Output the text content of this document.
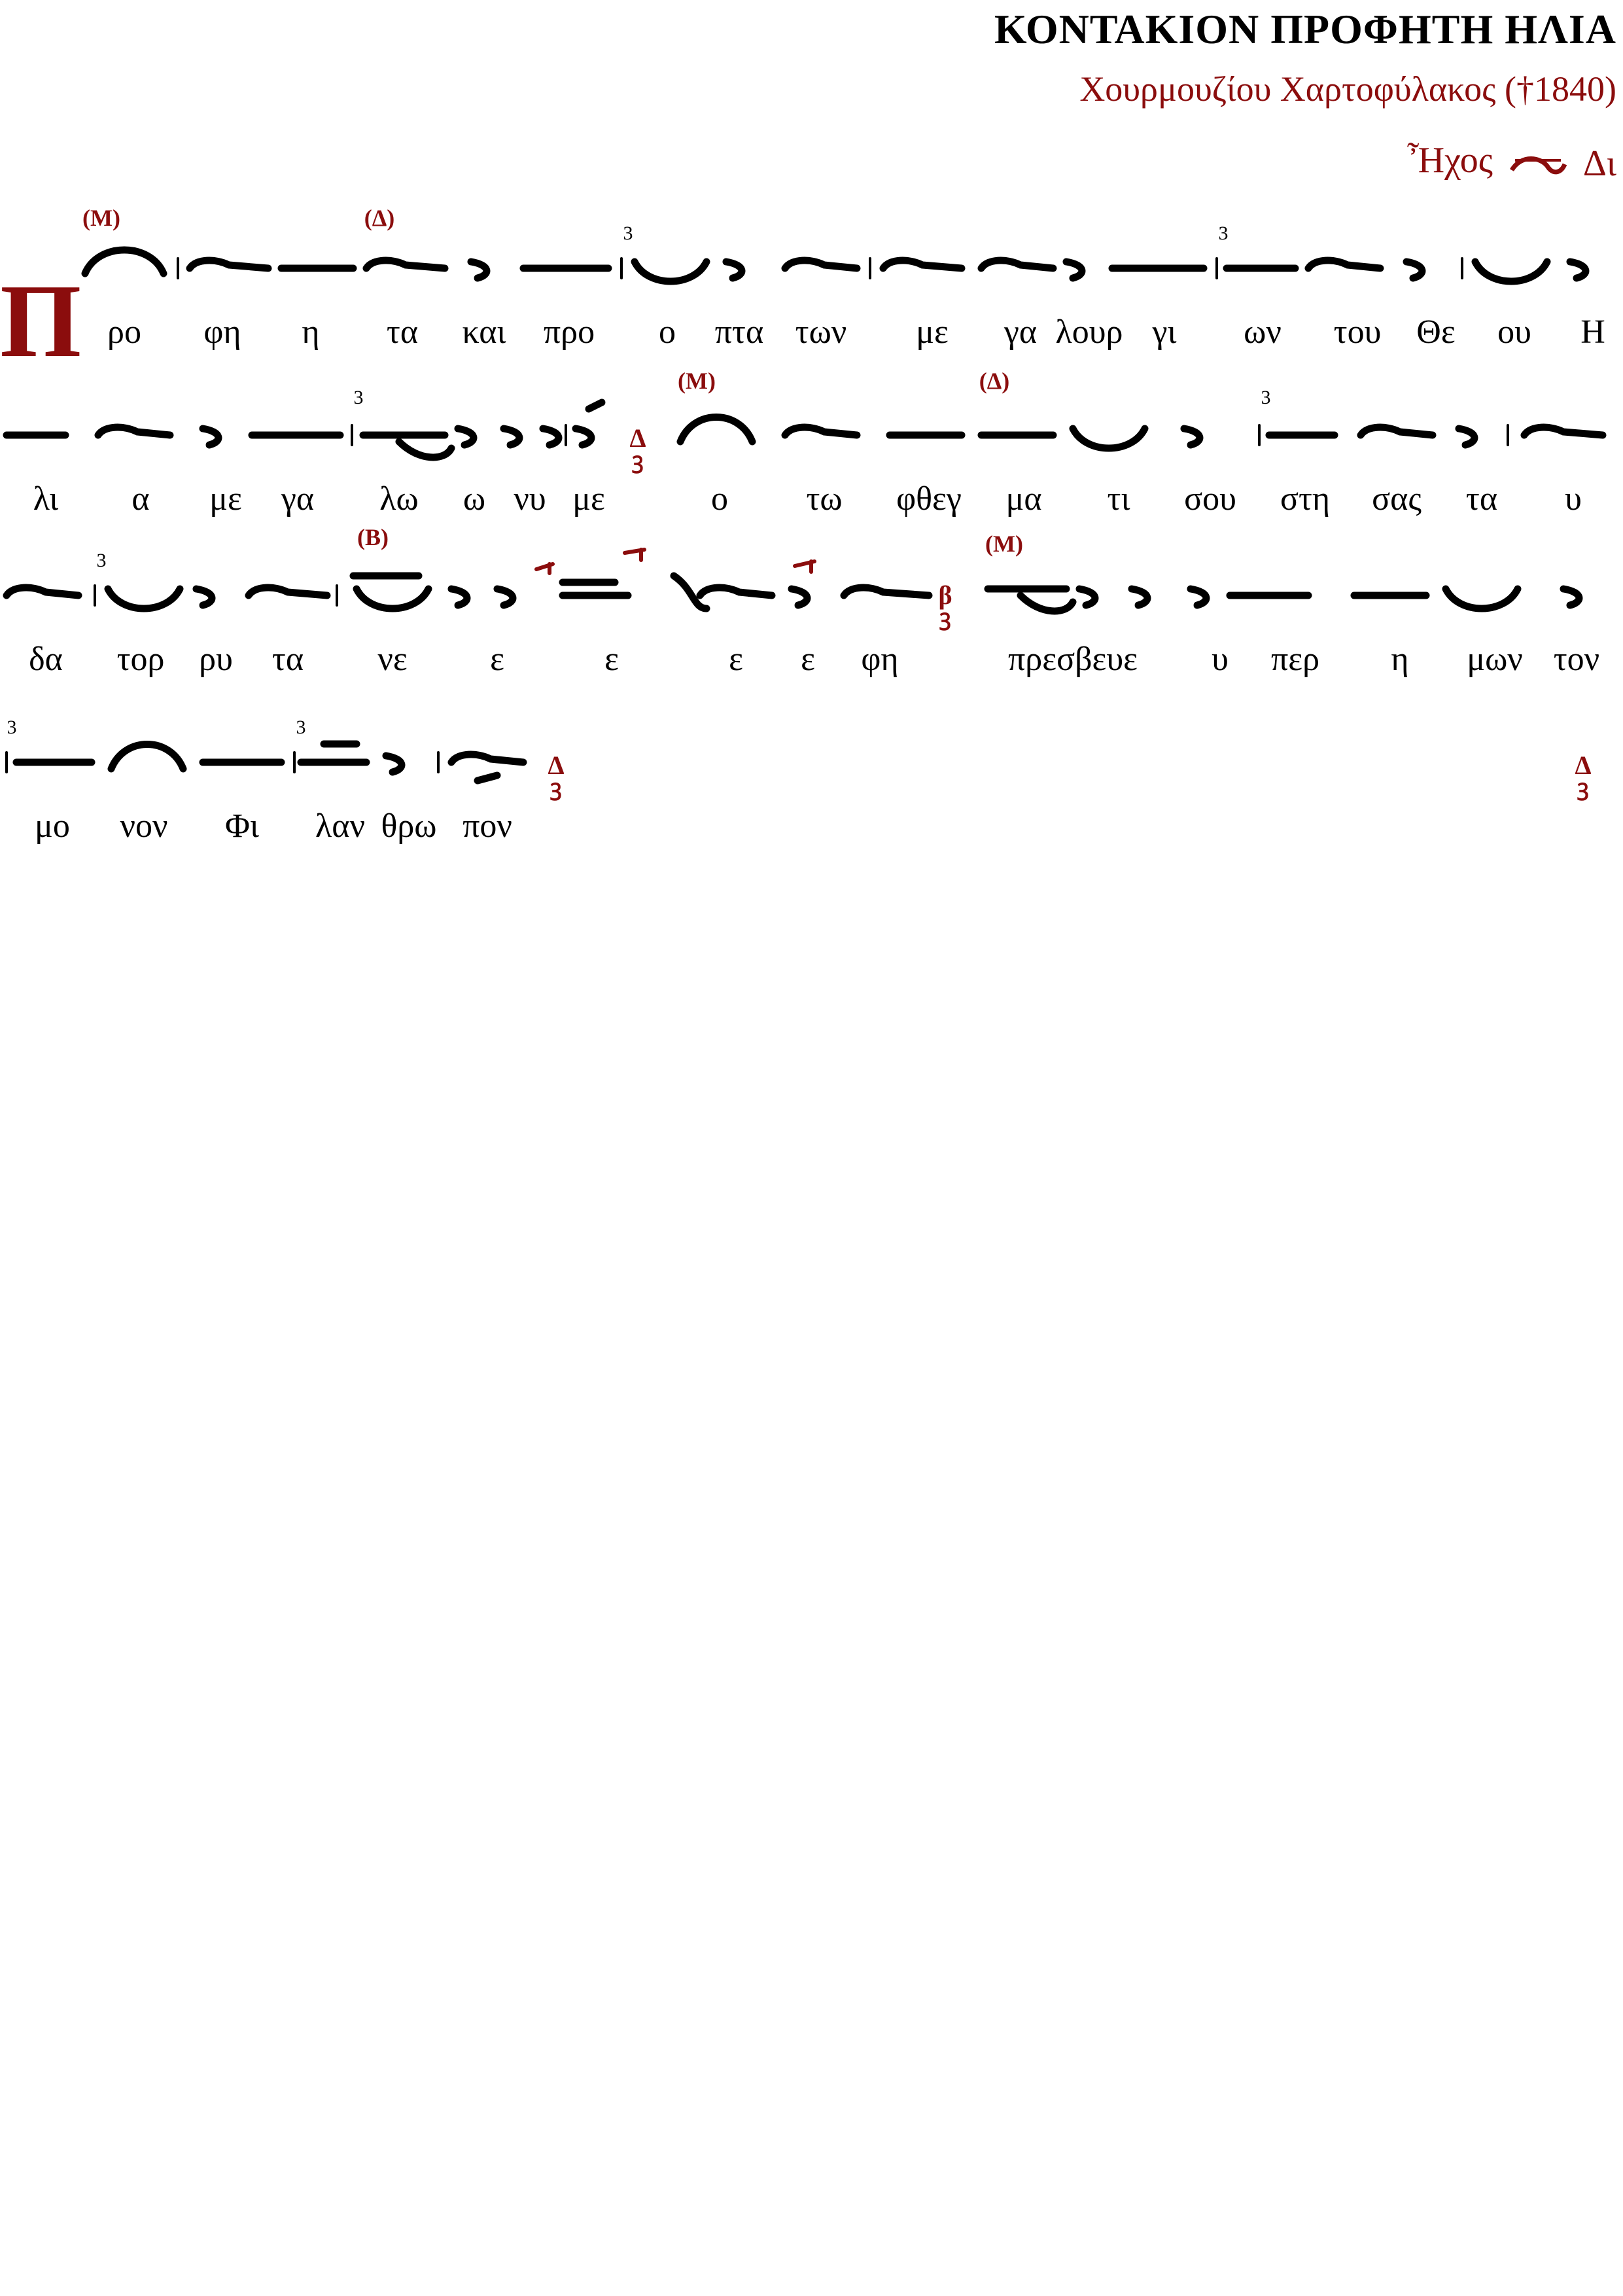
ΚΟΝΤΑΚΙΟΝ ΠΡΟΦΗΤΗ ΗΛΙΑ
Χουρμουζίου Χαρτοφύλακος (†1840)
Ἦχος Δι
Π
(Μ)	(Δ)
3	3
ρο φη η τα και προ ο πτα των με γα λουρ γι ων του Θε ου Η
(Μ)	(Δ)
3	3
Δ
ꝫ
λι α με γα λω ω νυ με	ο τω φθεγ μα τι σου στη σας τα υ
(Β)	(Μ)
3
β
ꝫ
δα τορ ρυ τα νε ε	ε	ε ε φη	πρεσβευε υ περ η μων τον
3	3
Δ
ꝫ
Δ
ꝫ
μο νον Φι λαν θρω πον
